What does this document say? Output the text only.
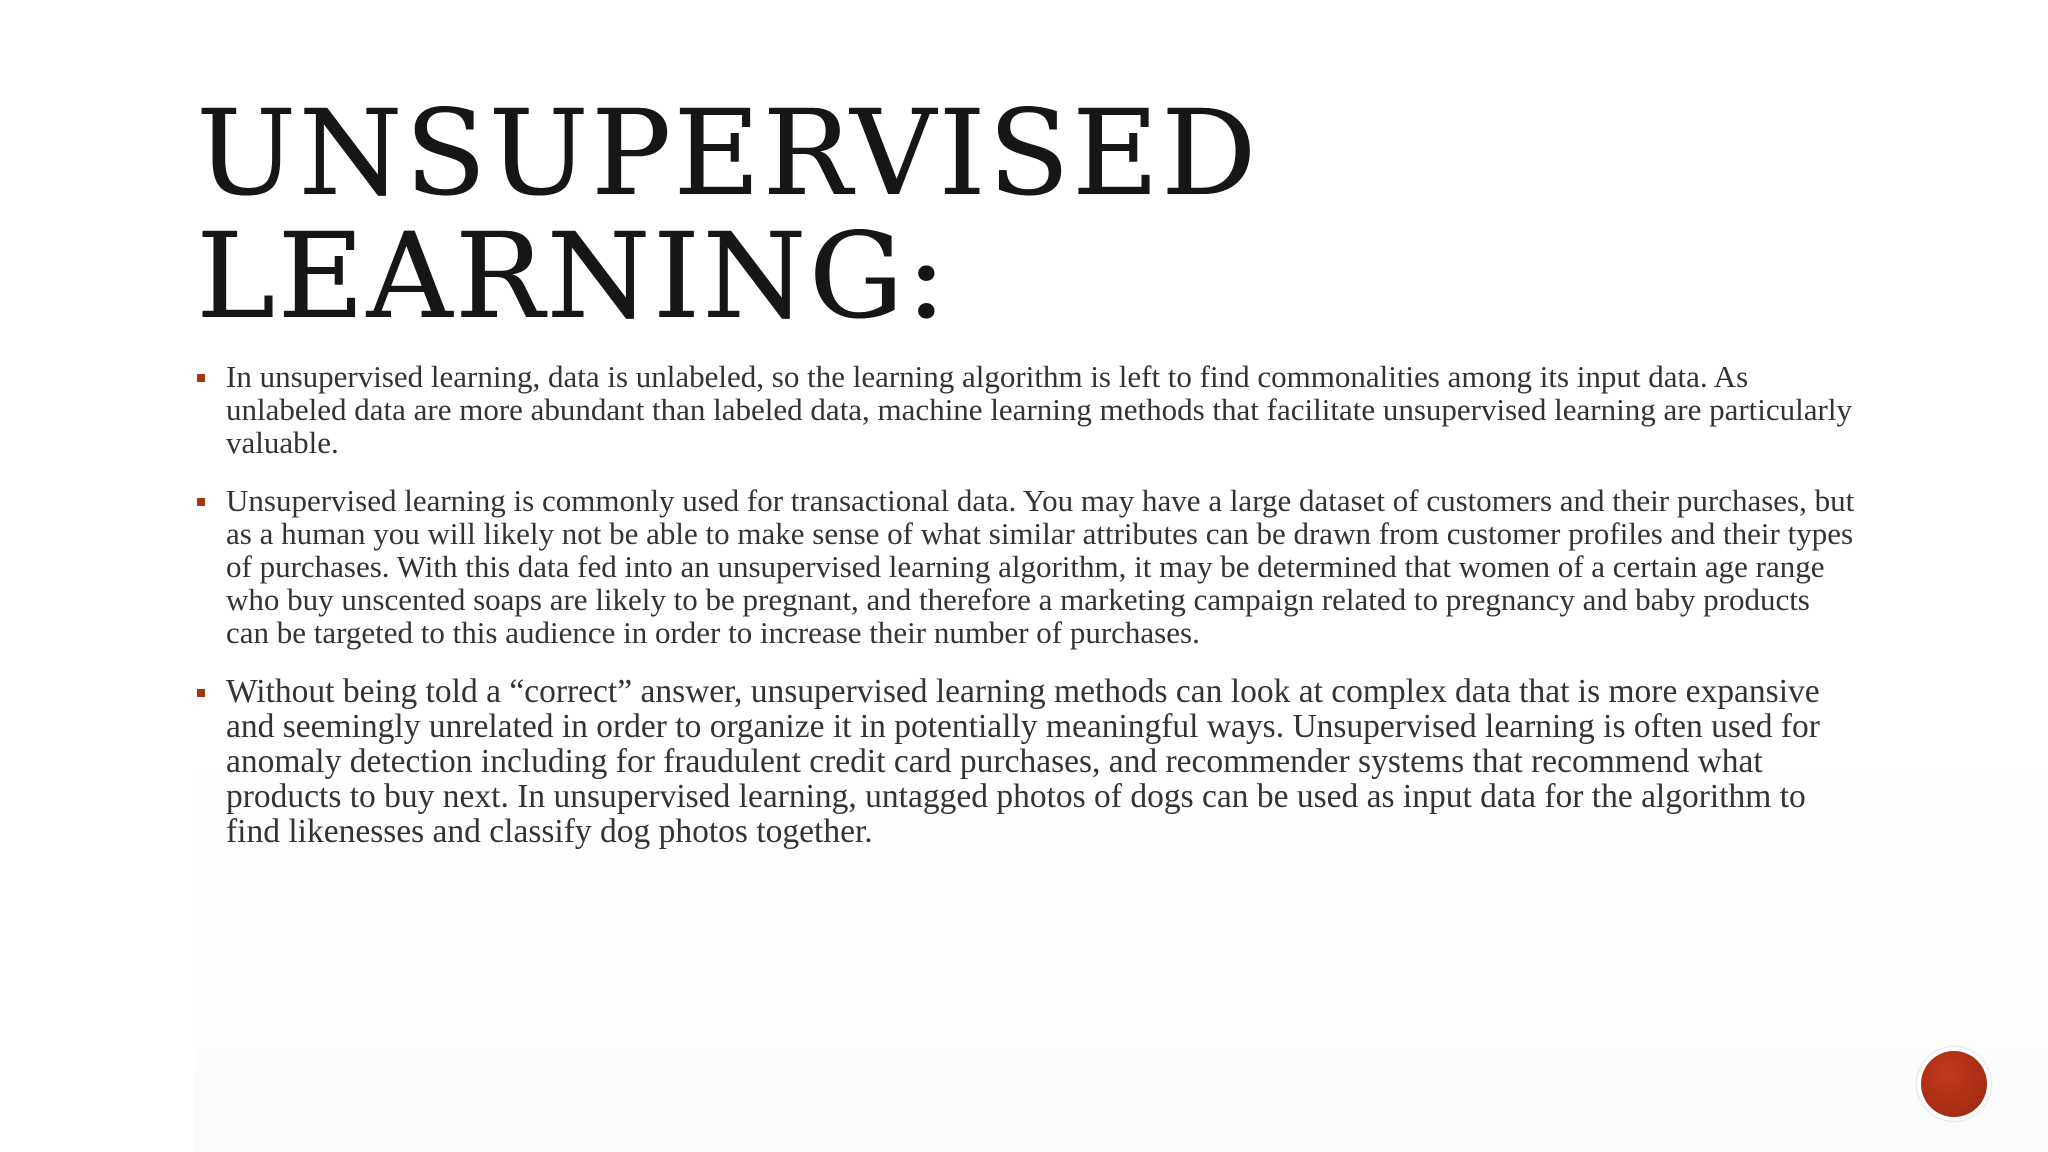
UNSUPERVISED LEARNING:
In unsupervised learning, data is unlabeled, so the learning algorithm is left to find commonalities among its input data. As unlabeled data are more abundant than labeled data, machine learning methods that facilitate unsupervised learning are particularly valuable.
Unsupervised learning is commonly used for transactional data. You may have a large dataset of customers and their purchases, but as a human you will likely not be able to make sense of what similar attributes can be drawn from customer profiles and their types of purchases. With this data fed into an unsupervised learning algorithm, it may be determined that women of a certain age range who buy unscented soaps are likely to be pregnant, and therefore a marketing campaign related to pregnancy and baby products can be targeted to this audience in order to increase their number of purchases.
Without being told a “correct” answer, unsupervised learning methods can look at complex data that is more expansive and seemingly unrelated in order to organize it in potentially meaningful ways. Unsupervised learning is often used for anomaly detection including for fraudulent credit card purchases, and recommender systems that recommend what products to buy next. In unsupervised learning, untagged photos of dogs can be used as input data for the algorithm to find likenesses and classify dog photos together.
